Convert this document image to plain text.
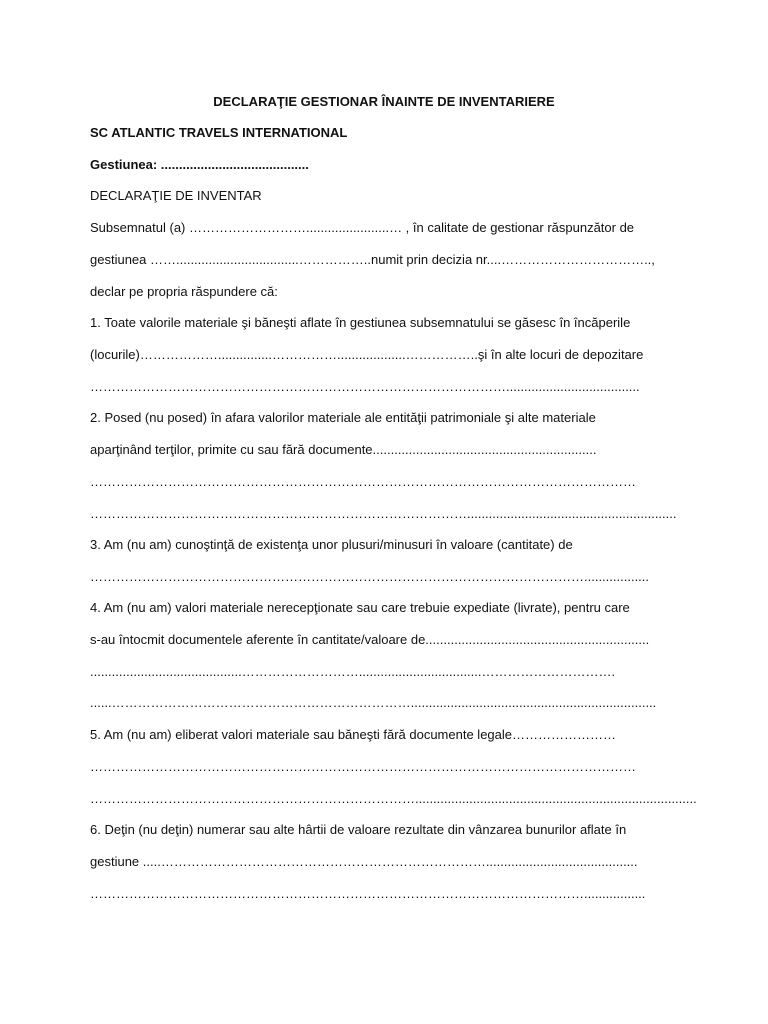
DECLARAŢIE GESTIONAR ÎNAINTE DE INVENTARIERE
SC ATLANTIC TRAVELS INTERNATIONAL
Gestiunea: .........................................
DECLARAŢIE DE INVENTAR
Subsemnatul (a) ……………………….......................… , în calitate de gestionar răspunzător de
gestiunea ……..................................……………..numit prin decizia nr....……………………………..,
declar pe propria răspundere că:
1. Toate valorile materiale şi băneşti aflate în gestiunea subsemnatului se găsesc în încăperile
(locurile)………………...............……………...................……………..şi în alte locuri de depozitare
…………………………………………………………………………………….....................................
2. Posed (nu posed) în afara valorilor materiale ale entităţii patrimoniale şi alte materiale
aparţinând terţilor, primite cu sau fără documente..............................................................
………………………………………………………………………………………………………………
……………………………………………………………………………..........................................................
3. Am (nu am) cunoştinţă de existenţa unor plusuri/minusuri în valoare (cantitate) de
……………………………………………………………………………………………………..................
4. Am (nu am) valori materiale nerecepţionate sau care trebuie expediate (livrate), pentru care
s-au întocmit documentele aferente în cantitate/valoare de..............................................................
..........................................………………………..................................………………………….
......……………………………………………………………....................................................................
5. Am (nu am) eliberat valori materiale sau băneşti fără documente legale……………………
………………………………………………………………………………………………………………
…………………………………………………………………..............................................................................
6. Deţin (nu deţin) numerar sau alte hârtii de valoare rezultate din vânzarea bunurilor aflate în
gestiune .....…………………………………………………………………..........................................
…………………………………………………………………………………………………….................
